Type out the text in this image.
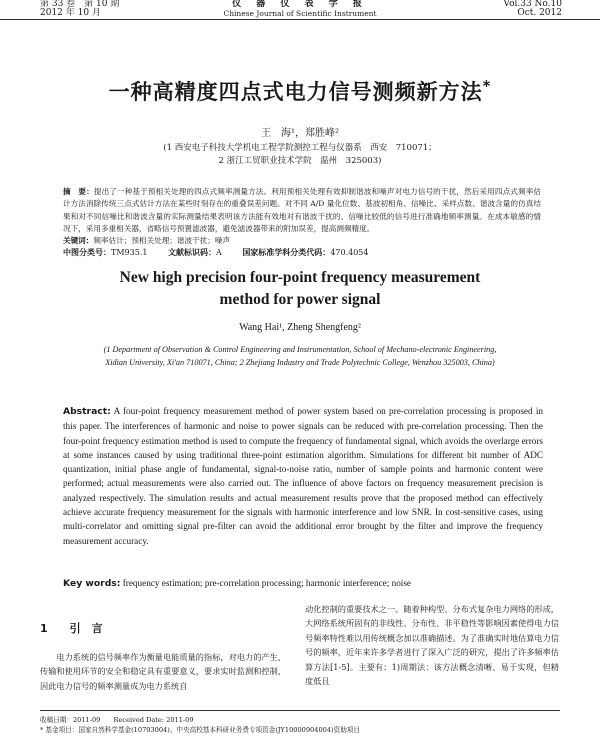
第 33 卷　第 10 期
2012 年 10 月
仪 器 仪 表 学 报
Chinese Journal of Scientific Instrument
Vol.33 No.10
Oct. 2012
一种高精度四点式电力信号测频新方法*
王　海¹，郑胜峰²
(1 西安电子科技大学机电工程学院测控工程与仪器系　西安　710071；
2 浙江工贸职业技术学院　温州　325003)
摘　要：提出了一种基于预相关处理的四点式频率测量方法。利用预相关处理有效抑制谐波和噪声对电力信号的干扰，然后采用四点式频率估计方法消除传统三点式估计方法在某些时刻存在的重叠误差问题。对不同 A/D 量化位数、基波初相角、信噪比、采样点数、谐波含量的仿真结果和对不同信噪比和谐波含量的实际测量结果表明该方法能有效地对有谐波干扰的、信噪比较低的信号进行准确地频率测量。在成本敏感的情况下，采用多重相关器，省略信号预置滤波器，避免滤波器带来的附加误差，提高测频精度。
关键词：频率估计；预相关处理；谐波干扰；噪声
中图分类号：TM935.1	文献标识码：A	国家标准学科分类代码：470.4054
New high precision four-point frequency measurement
method for power signal
Wang Hai¹, Zheng Shengfeng²
(1 Department of Observation & Control Engineering and Instrumentation, School of Mechano-electronic Engineering,
Xidian University, Xi'an 710071, China; 2 Zhejiang Industry and Trade Polytechnic College, Wenzhou 325003, China)
Abstract: A four-point frequency measurement method of power system based on pre-correlation processing is proposed in this paper. The interferences of harmonic and noise to power signals can be reduced with pre-correlation processing. Then the four-point frequency estimation method is used to compute the frequency of fundamental signal, which avoids the overlarge errors at some instances caused by using traditional three-point estimation algorithm. Simulations for different bit number of ADC quantization, initial phase angle of fundamental, signal-to-noise ratio, number of sample points and harmonic content were performed; actual measurements were also carried out. The influence of above factors on frequency measurement precision is analyzed respectively. The simulation results and actual measurement results prove that the proposed method can effectively achieve accurate frequency measurement for the signals with harmonic interference and low SNR. In cost-sensitive cases, using multi-correlator and omitting signal pre-filter can avoid the additional error brought by the filter and improve the frequency measurement accuracy.
Key words: frequency estimation; pre-correlation processing; harmonic interference; noise
1 引　言

电力系统的信号频率作为衡量电能质量的指标，对电力的产生、传输和使用环节的安全和稳定具有重要意义，要求实时监测和控制，因此电力信号的频率测量成为电力系统自

动化控制的重要技术之一。随着种构型、分布式复杂电力网络的形成，大网络系统所固有的非线性、分布性、非平稳性等影响因素使得电力信号频率特性难以用传统概念加以准确描述。为了准确实时地估算电力信号的频率，近年来许多学者进行了深入广泛的研究，提出了许多频率估算方法[1-5]。主要有：1)周期法：该方法概念清晰、易于实现，但精度低且

收稿日期：2011-09　　Received Date: 2011-09
* 基金项目：国家自然科学基金(10703004)、中央高校基本科研业务费专项资金(JY10000904004)资助项目
